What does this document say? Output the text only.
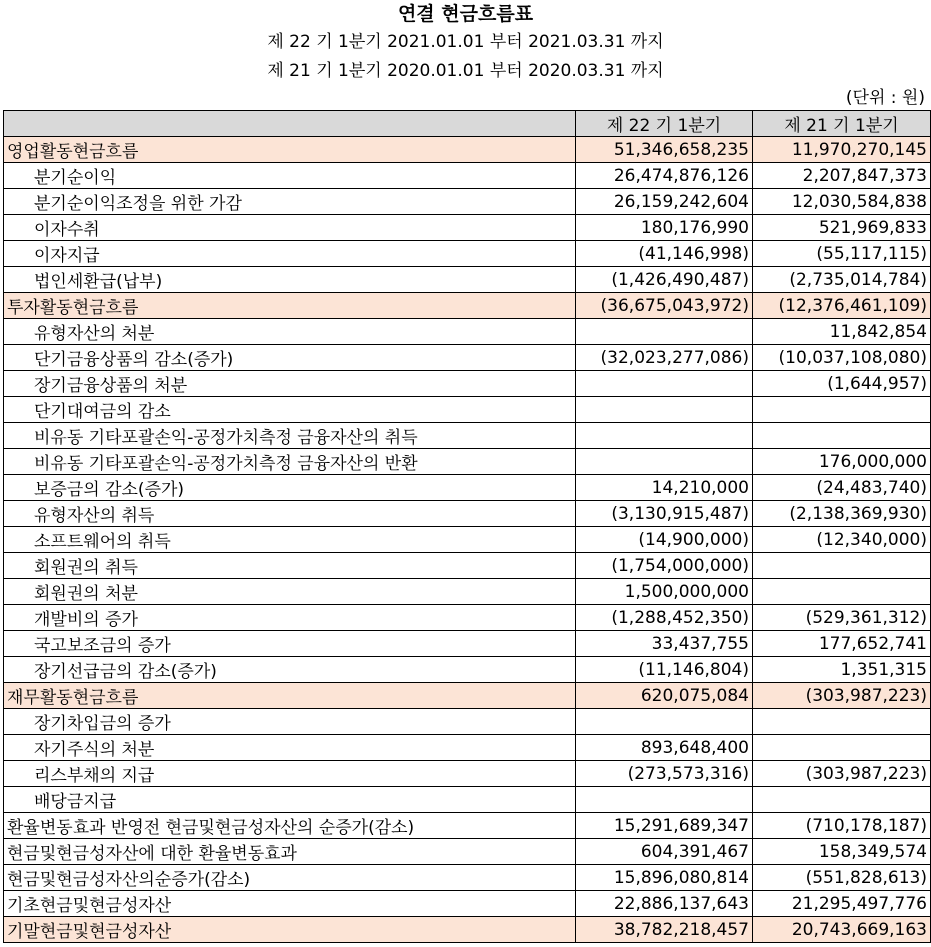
연결 현금흐름표
제 22 기 1분기 2021.01.01 부터 2021.03.31 까지
제 21 기 1분기 2020.01.01 부터 2020.03.31 까지
(단위 : 원)
	제 22 기 1분기	제 21 기 1분기
영업활동현금흐름	51,346,658,235	11,970,270,145
분기순이익	26,474,876,126	2,207,847,373
분기순이익조정을 위한 가감	26,159,242,604	12,030,584,838
이자수취	180,176,990	521,969,833
이자지급	(41,146,998)	(55,117,115)
법인세환급(납부)	(1,426,490,487)	(2,735,014,784)
투자활동현금흐름	(36,675,043,972)	(12,376,461,109)
유형자산의 처분		11,842,854
단기금융상품의 감소(증가)	(32,023,277,086)	(10,037,108,080)
장기금융상품의 처분		(1,644,957)
단기대여금의 감소		
비유동 기타포괄손익-공정가치측정 금융자산의 취득		
비유동 기타포괄손익-공정가치측정 금융자산의 반환		176,000,000
보증금의 감소(증가)	14,210,000	(24,483,740)
유형자산의 취득	(3,130,915,487)	(2,138,369,930)
소프트웨어의 취득	(14,900,000)	(12,340,000)
회원권의 취득	(1,754,000,000)	
회원권의 처분	1,500,000,000	
개발비의 증가	(1,288,452,350)	(529,361,312)
국고보조금의 증가	33,437,755	177,652,741
장기선급금의 감소(증가)	(11,146,804)	1,351,315
재무활동현금흐름	620,075,084	(303,987,223)
장기차입금의 증가		
자기주식의 처분	893,648,400	
리스부채의 지급	(273,573,316)	(303,987,223)
배당금지급		
환율변동효과 반영전 현금및현금성자산의 순증가(감소)	15,291,689,347	(710,178,187)
현금및현금성자산에 대한 환율변동효과	604,391,467	158,349,574
현금및현금성자산의순증가(감소)	15,896,080,814	(551,828,613)
기초현금및현금성자산	22,886,137,643	21,295,497,776
기말현금및현금성자산	38,782,218,457	20,743,669,163
